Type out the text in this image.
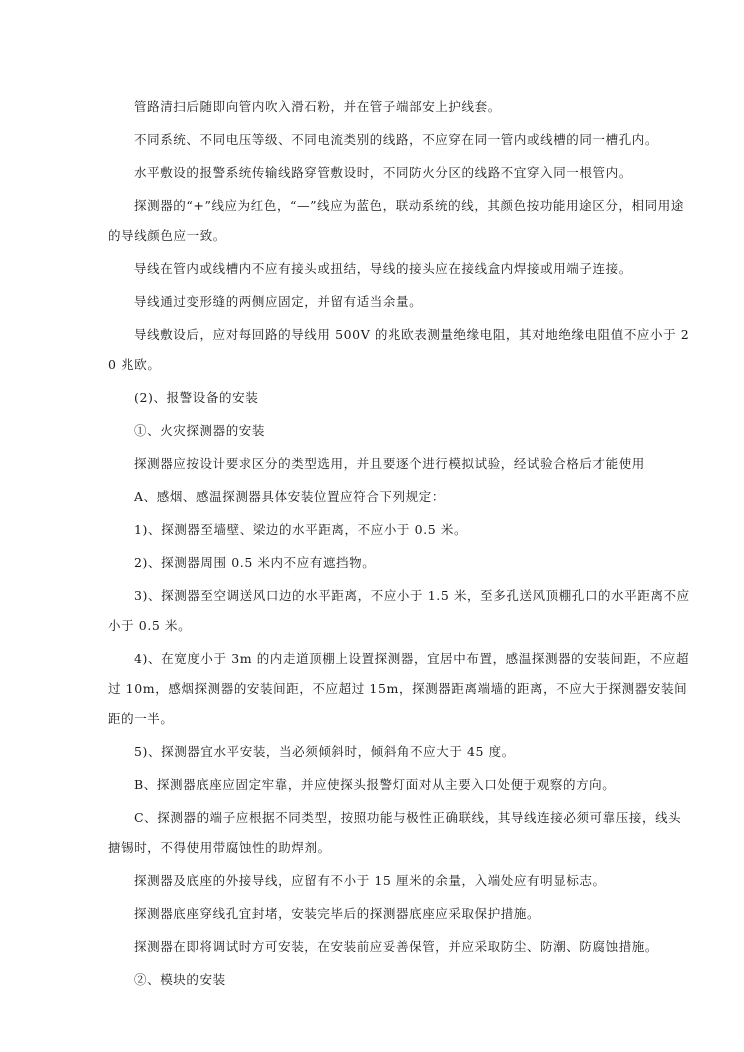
管路清扫后随即向管内吹入滑石粉，并在管子端部安上护线套。

不同系统、不同电压等级、不同电流类别的线路，不应穿在同一管内或线槽的同一槽孔内。

水平敷设的报警系统传输线路穿管敷设时，不同防火分区的线路不宜穿入同一根管内。

探测器的“+”线应为红色，“—”线应为蓝色，联动系统的线，其颜色按功能用途区分，相同用途的导线颜色应一致。

导线在管内或线槽内不应有接头或扭结，导线的接头应在接线盒内焊接或用端子连接。

导线通过变形缝的两侧应固定，并留有适当余量。

导线敷设后，应对每回路的导线用 500V 的兆欧表测量绝缘电阻，其对地绝缘电阻值不应小于 20 兆欧。

(2)、报警设备的安装

①、火灾探测器的安装

探测器应按设计要求区分的类型选用，并且要逐个进行模拟试验，经试验合格后才能使用

A、感烟、感温探测器具体安装位置应符合下列规定：

1)、探测器至墙壁、梁边的水平距离，不应小于 0.5 米。

2)、探测器周围 0.5 米内不应有遮挡物。

3)、探测器至空调送风口边的水平距离，不应小于 1.5 米，至多孔送风顶棚孔口的水平距离不应小于 0.5 米。

4)、在宽度小于 3m 的内走道顶棚上设置探测器，宜居中布置，感温探测器的安装间距，不应超过 10m，感烟探测器的安装间距，不应超过 15m，探测器距离端墙的距离，不应大于探测器安装间距的一半。

5)、探测器宜水平安装，当必须倾斜时，倾斜角不应大于 45 度。

B、探测器底座应固定牢靠，并应使探头报警灯面对从主要入口处便于观察的方向。

C、探测器的端子应根据不同类型，按照功能与极性正确联线，其导线连接必须可靠压接，线头搪锡时，不得使用带腐蚀性的助焊剂。

探测器及底座的外接导线，应留有不小于 15 厘米的余量，入端处应有明显标志。

探测器底座穿线孔宜封堵，安装完毕后的探测器底座应采取保护措施。

探测器在即将调试时方可安装，在安装前应妥善保管，并应采取防尘、防潮、防腐蚀措施。

②、模块的安装
